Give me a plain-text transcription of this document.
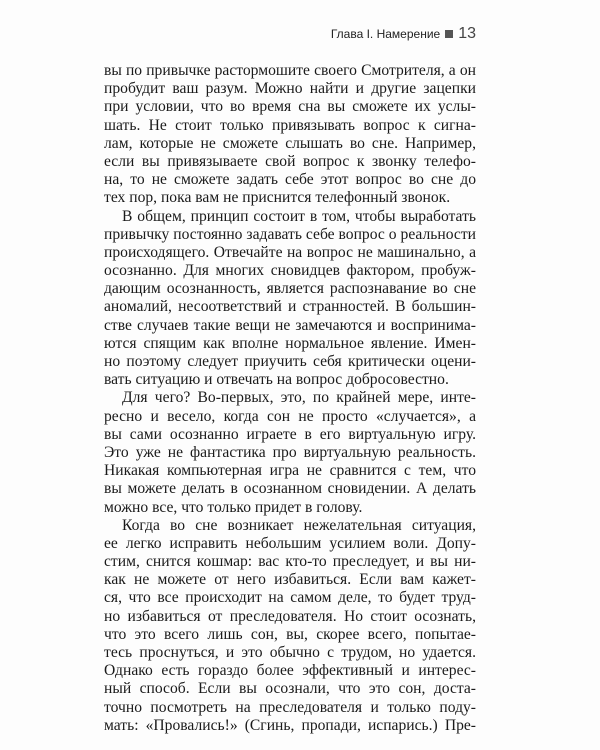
Глава I. Намерение 13
вы по привычке растормошите своего Смотрителя, а он
пробудит ваш разум. Можно найти и другие зацепки
при условии, что во время сна вы сможете их услы-
шать. Не стоит только привязывать вопрос к сигна-
лам, которые не сможете слышать во сне. Например,
если вы привязываете свой вопрос к звонку телефо-
на, то не сможете задать себе этот вопрос во сне до
тех пор, пока вам не приснится телефонный звонок.
В общем, принцип состоит в том, чтобы выработать
привычку постоянно задавать себе вопрос о реальности
происходящего. Отвечайте на вопрос не машинально, а
осознанно. Для многих сновидцев фактором, пробуж-
дающим осознанность, является распознавание во сне
аномалий, несоответствий и странностей. В большин-
стве случаев такие вещи не замечаются и воспринима-
ются спящим как вполне нормальное явление. Имен-
но поэтому следует приучить себя критически оцени-
вать ситуацию и отвечать на вопрос добросовестно.
Для чего? Во-первых, это, по крайней мере, инте-
ресно и весело, когда сон не просто «случается», а
вы сами осознанно играете в его виртуальную игру.
Это уже не фантастика про виртуальную реальность.
Никакая компьютерная игра не сравнится с тем, что
вы можете делать в осознанном сновидении. А делать
можно все, что только придет в голову.
Когда во сне возникает нежелательная ситуация,
ее легко исправить небольшим усилием воли. Допу-
стим, снится кошмар: вас кто-то преследует, и вы ни-
как не можете от него избавиться. Если вам кажет-
ся, что все происходит на самом деле, то будет труд-
но избавиться от преследователя. Но стоит осознать,
что это всего лишь сон, вы, скорее всего, попытае-
тесь проснуться, и это обычно с трудом, но удается.
Однако есть гораздо более эффективный и интерес-
ный способ. Если вы осознали, что это сон, доста-
точно посмотреть на преследователя и только поду-
мать: «Провались!» (Сгинь, пропади, испарись.) Пре-
